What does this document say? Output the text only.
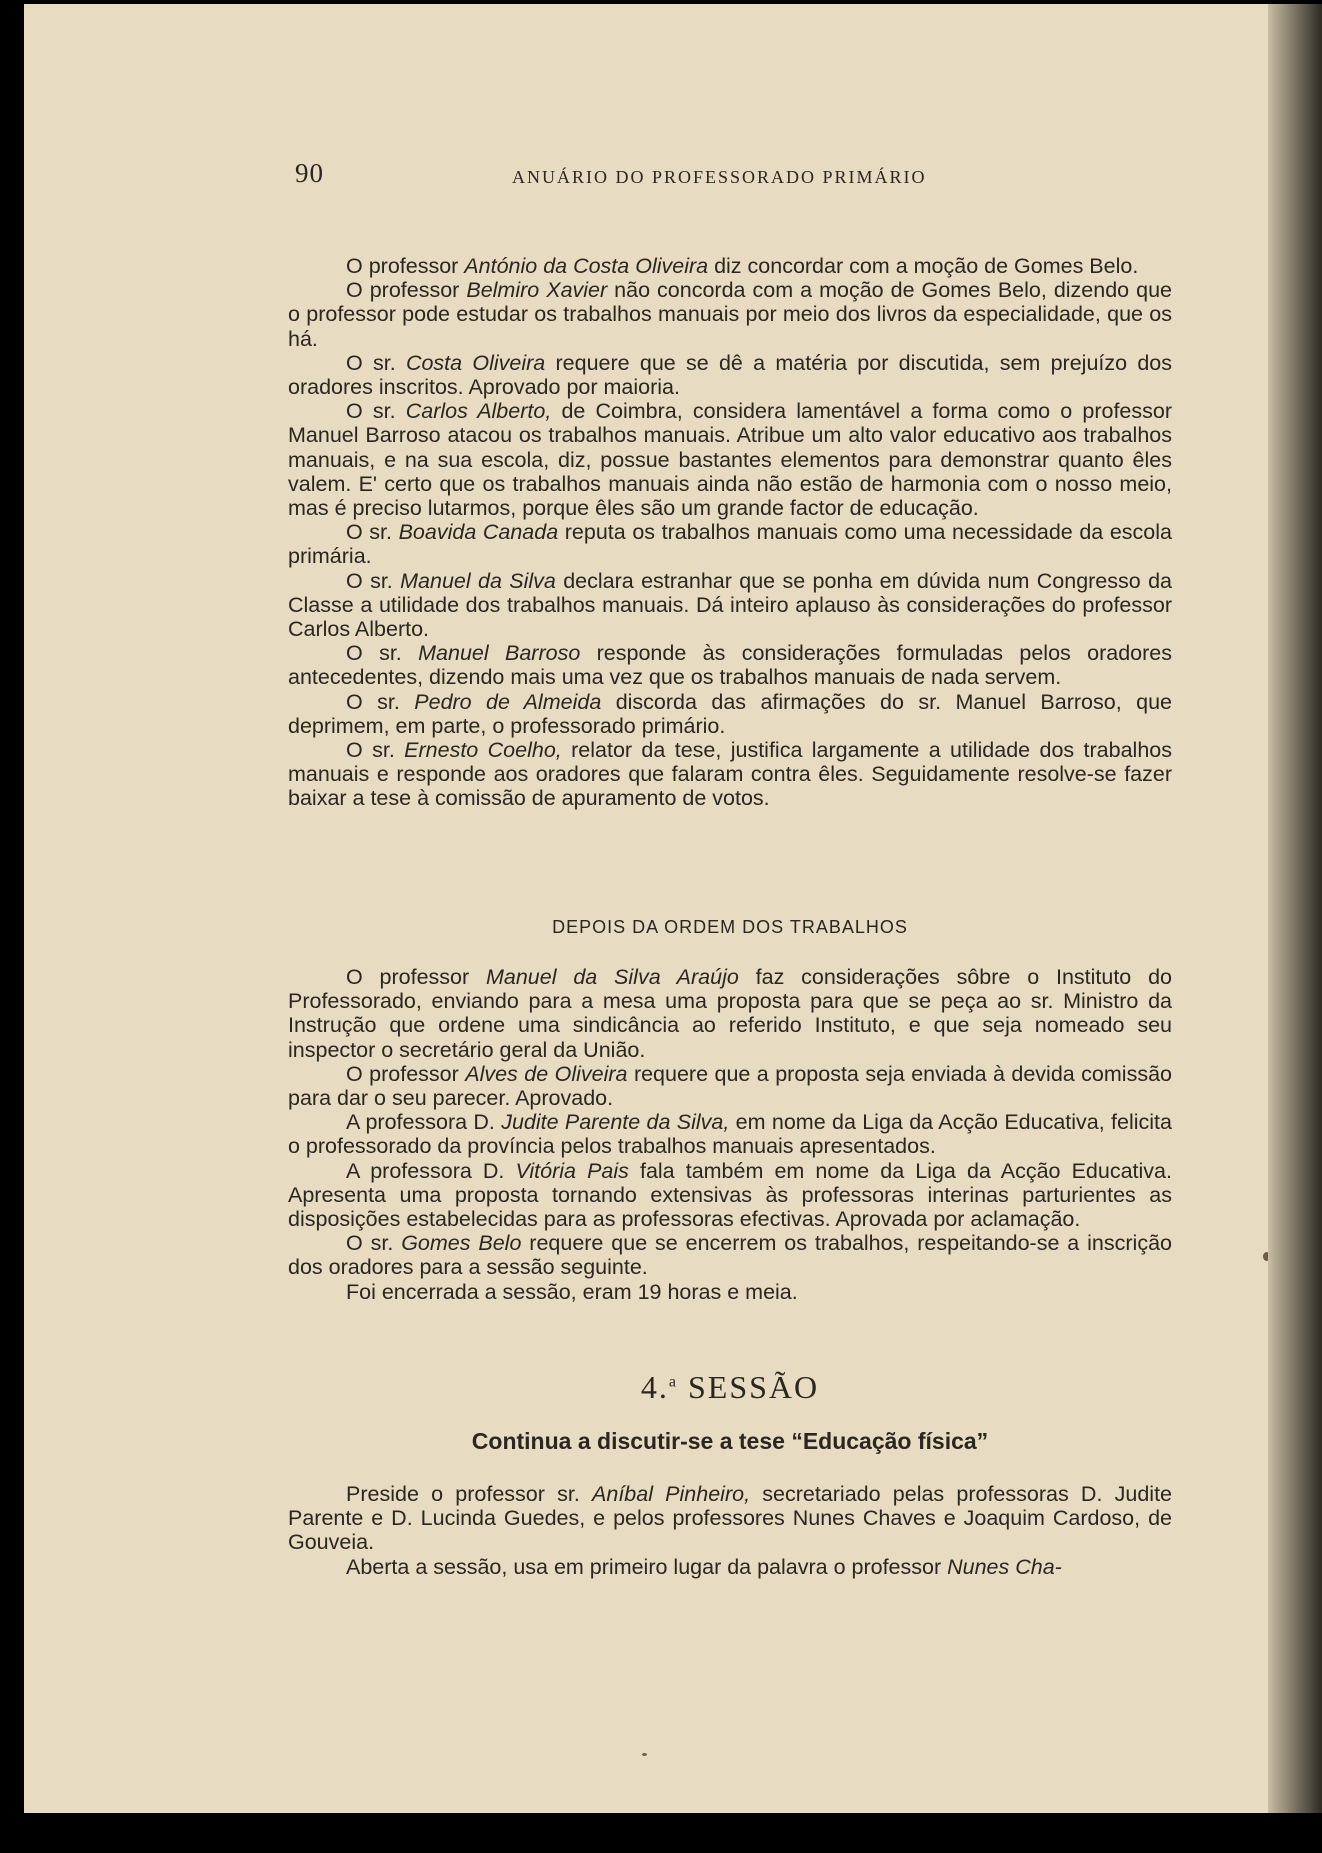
90	ANUÁRIO DO PROFESSORADO PRIMÁRIO

O professor António da Costa Oliveira diz concordar com a moção de Gomes Belo.

O professor Belmiro Xavier não concorda com a moção de Gomes Belo, dizendo que o professor pode estudar os trabalhos manuais por meio dos livros da especialidade, que os há.

O sr. Costa Oliveira requere que se dê a matéria por discutida, sem prejuízo dos oradores inscritos. Aprovado por maioria.

O sr. Carlos Alberto, de Coimbra, considera lamentável a forma como o professor Manuel Barroso atacou os trabalhos manuais. Atribue um alto valor educativo aos trabalhos manuais, e na sua escola, diz, possue bastantes elementos para demonstrar quanto êles valem. E' certo que os trabalhos manuais ainda não estão de harmonia com o nosso meio, mas é preciso lutarmos, porque êles são um grande factor de educação.

O sr. Boavida Canada reputa os trabalhos manuais como uma necessidade da escola primária.

O sr. Manuel da Silva declara estranhar que se ponha em dúvida num Congresso da Classe a utilidade dos trabalhos manuais. Dá inteiro aplauso às considerações do professor Carlos Alberto.

O sr. Manuel Barroso responde às considerações formuladas pelos oradores antecedentes, dizendo mais uma vez que os trabalhos manuais de nada servem.

O sr. Pedro de Almeida discorda das afirmações do sr. Manuel Barroso, que deprimem, em parte, o professorado primário.

O sr. Ernesto Coelho, relator da tese, justifica largamente a utilidade dos trabalhos manuais e responde aos oradores que falaram contra êles. Seguidamente resolve-se fazer baixar a tese à comissão de apuramento de votos.

DEPOIS DA ORDEM DOS TRABALHOS

O professor Manuel da Silva Araújo faz considerações sôbre o Instituto do Professorado, enviando para a mesa uma proposta para que se peça ao sr. Ministro da Instrução que ordene uma sindicância ao referido Instituto, e que seja nomeado seu inspector o secretário geral da União.

O professor Alves de Oliveira requere que a proposta seja enviada à devida comissão para dar o seu parecer. Aprovado.

A professora D. Judite Parente da Silva, em nome da Liga da Acção Educativa, felicita o professorado da província pelos trabalhos manuais apresentados.

A professora D. Vitória Pais fala também em nome da Liga da Acção Educativa. Apresenta uma proposta tornando extensivas às professoras interinas parturientes as disposições estabelecidas para as professoras efectivas. Aprovada por aclamação.

O sr. Gomes Belo requere que se encerrem os trabalhos, respeitando-se a inscrição dos oradores para a sessão seguinte.

Foi encerrada a sessão, eram 19 horas e meia.

4.$^a$ SESSÃO
Continua a discutir-se a tese “Educação física”

Preside o professor sr. Aníbal Pinheiro, secretariado pelas professoras D. Judite Parente e D. Lucinda Guedes, e pelos professores Nunes Chaves e Joaquim Cardoso, de Gouveia.

Aberta a sessão, usa em primeiro lugar da palavra o professor Nunes Cha-
